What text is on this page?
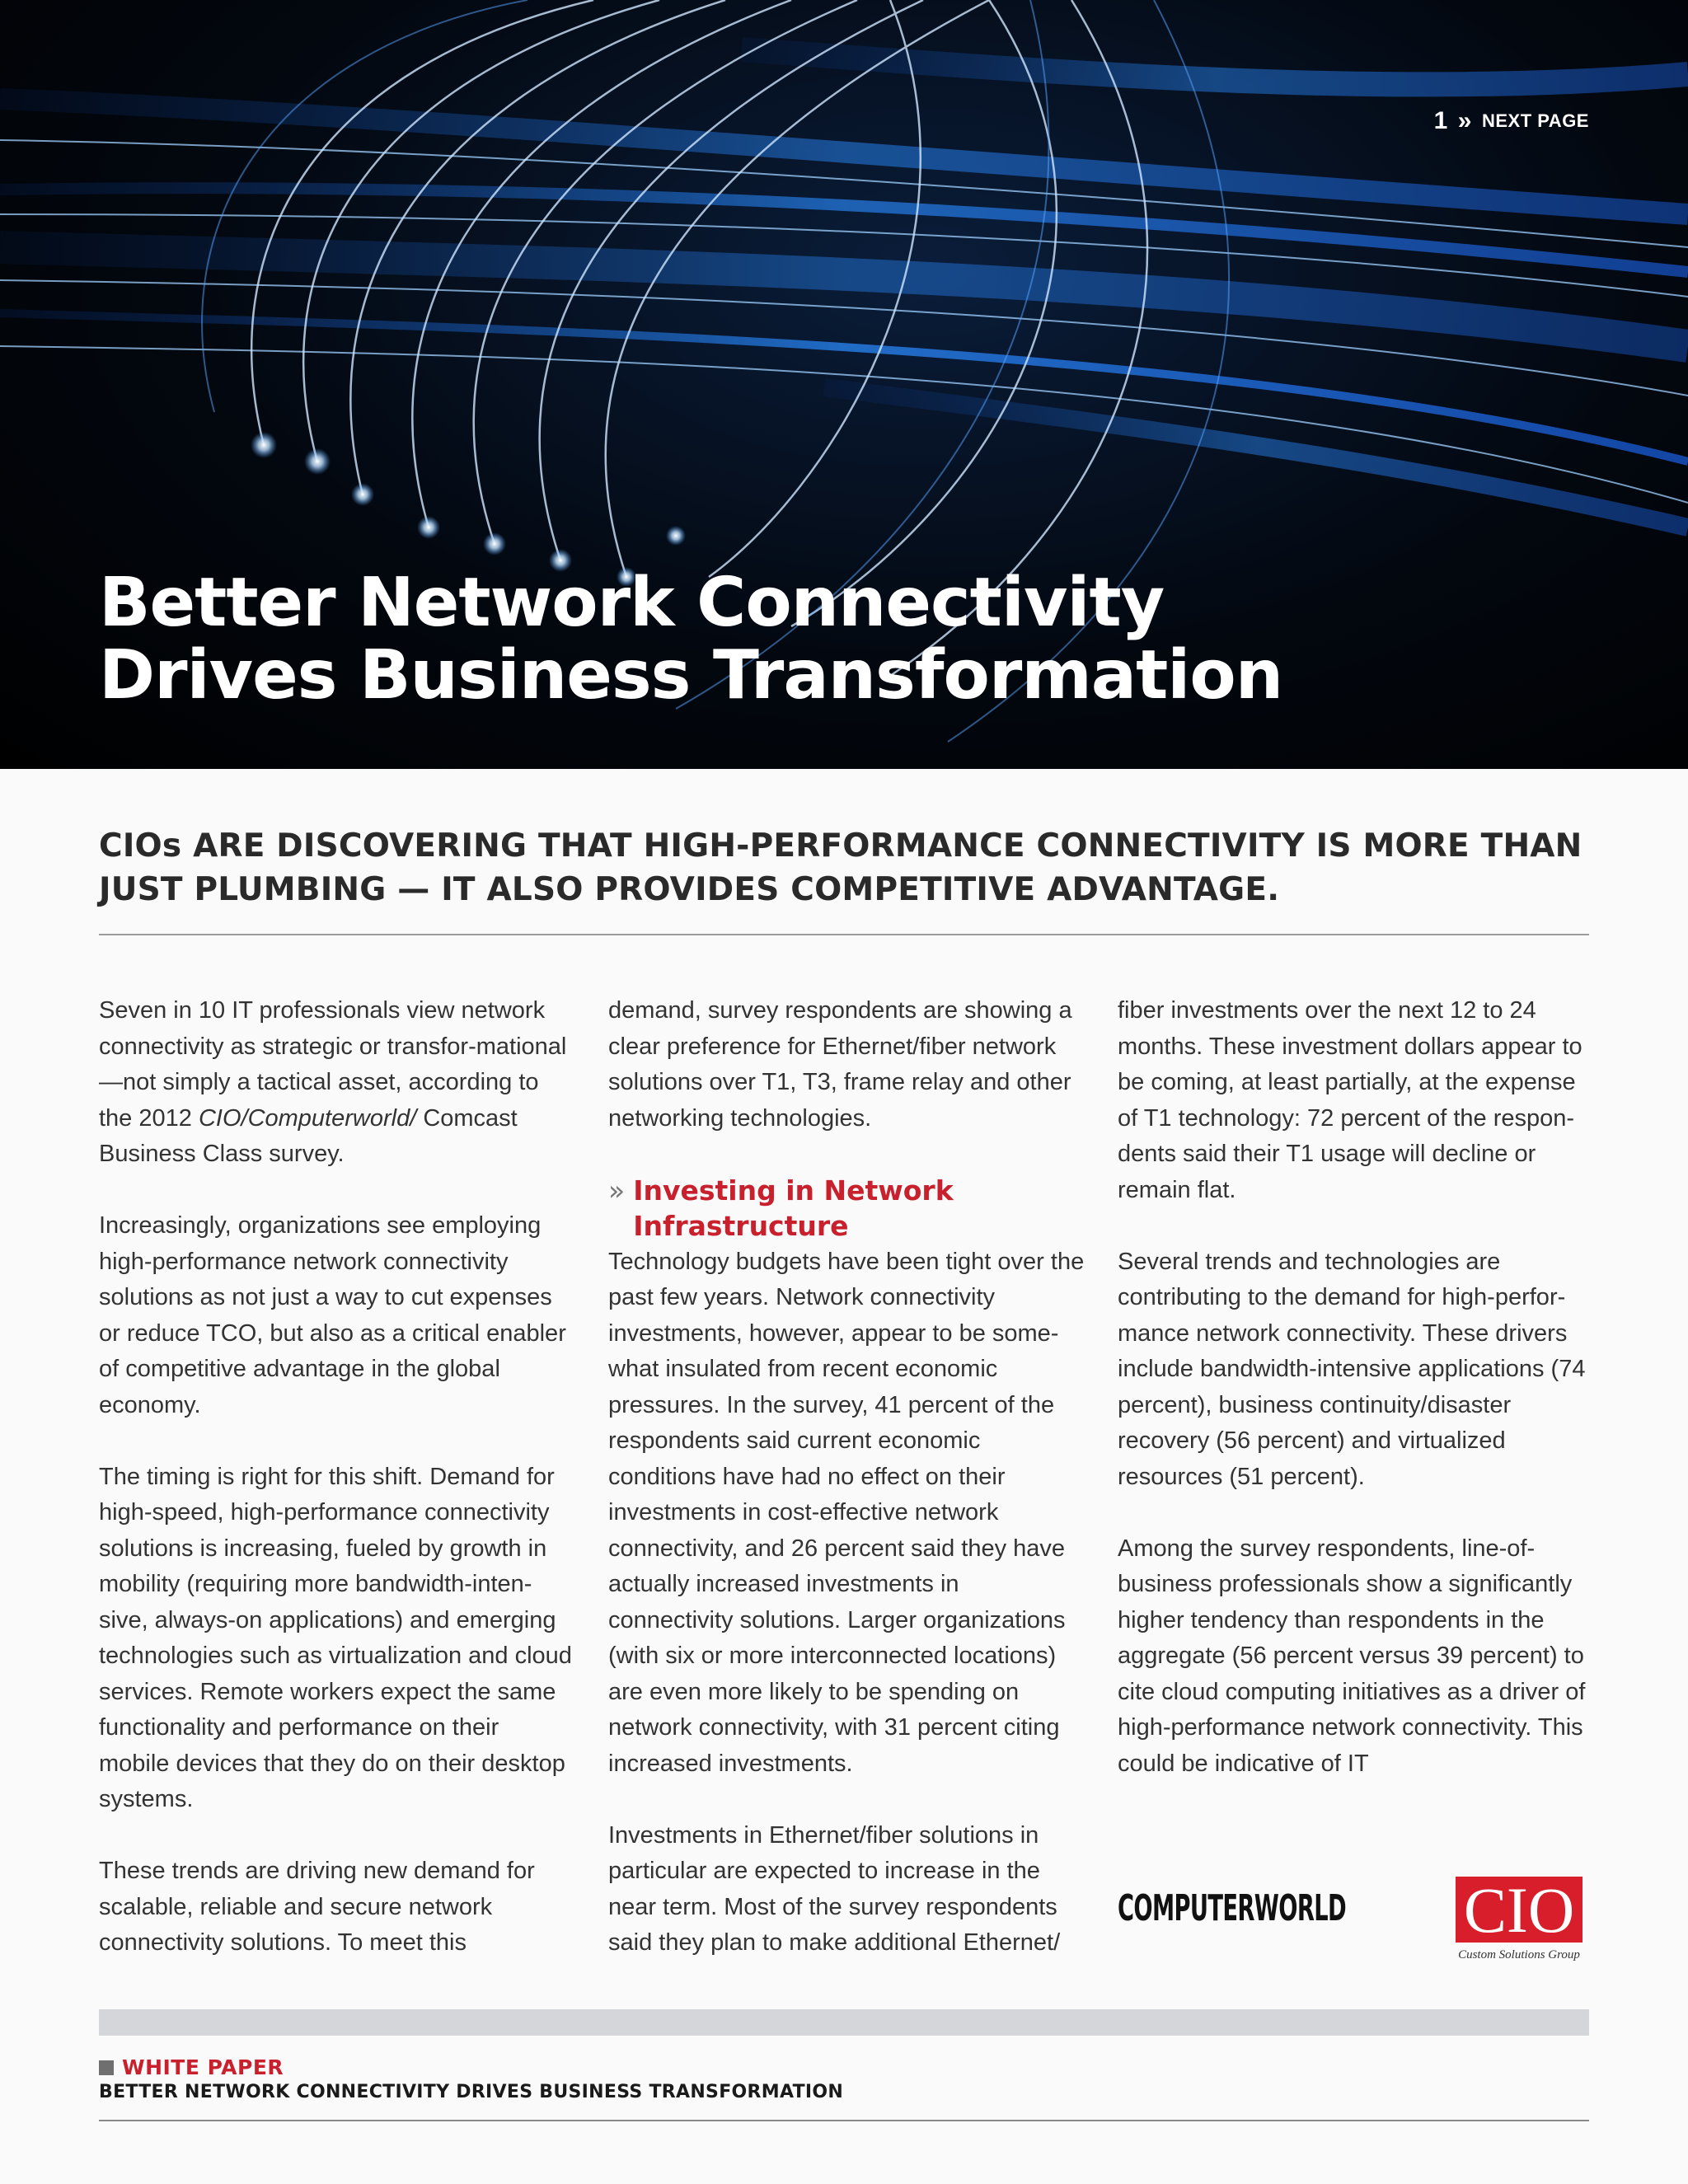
1 » NEXT PAGE
Better Network Connectivity
Drives Business Transformation
CIOs ARE DISCOVERING THAT HIGH-PERFORMANCE CONNECTIVITY IS MORE THAN
JUST PLUMBING — IT ALSO PROVIDES COMPETITIVE ADVANTAGE.

Seven in 10 IT professionals view network connectivity as strategic or transfor-mational—not simply a tactical asset, according to the 2012 CIO/Computerworld/ Comcast Business Class survey.

Increasingly, organizations see employing high-performance network connectivity solutions as not just a way to cut expenses or reduce TCO, but also as a critical enabler of competitive advantage in the global economy.

The timing is right for this shift. Demand for high-speed, high-performance connectivity solutions is increasing, fueled by growth in mobility (requiring more bandwidth-inten-sive, always-on applications) and emerging technologies such as virtualization and cloud services. Remote workers expect the same functionality and performance on their mobile devices that they do on their desktop systems.

These trends are driving new demand for scalable, reliable and secure network connectivity solutions. To meet this

demand, survey respondents are showing a clear preference for Ethernet/fiber network solutions over T1, T3, frame relay and other networking technologies.

» Investing in Network Infrastructure

Technology budgets have been tight over the past few years. Network connectivity investments, however, appear to be some-what insulated from recent economic pressures. In the survey, 41 percent of the respondents said current economic conditions have had no effect on their investments in cost-effective network connectivity, and 26 percent said they have actually increased investments in connectivity solutions. Larger organizations (with six or more interconnected locations) are even more likely to be spending on network connectivity, with 31 percent citing increased investments.

Investments in Ethernet/fiber solutions in particular are expected to increase in the near term. Most of the survey respondents said they plan to make additional Ethernet/

fiber investments over the next 12 to 24 months. These investment dollars appear to be coming, at least partially, at the expense of T1 technology: 72 percent of the respon-dents said their T1 usage will decline or remain flat.

Several trends and technologies are contributing to the demand for high-perfor-mance network connectivity. These drivers include bandwidth-intensive applications (74 percent), business continuity/disaster recovery (56 percent) and virtualized resources (51 percent).

Among the survey respondents, line-of-business professionals show a significantly higher tendency than respondents in the aggregate (56 percent versus 39 percent) to cite cloud computing initiatives as a driver of high-performance network connectivity. This could be indicative of IT

COMPUTERWORLD CIO
Custom Solutions Group
WHITE PAPER
BETTER NETWORK CONNECTIVITY DRIVES BUSINESS TRANSFORMATION
